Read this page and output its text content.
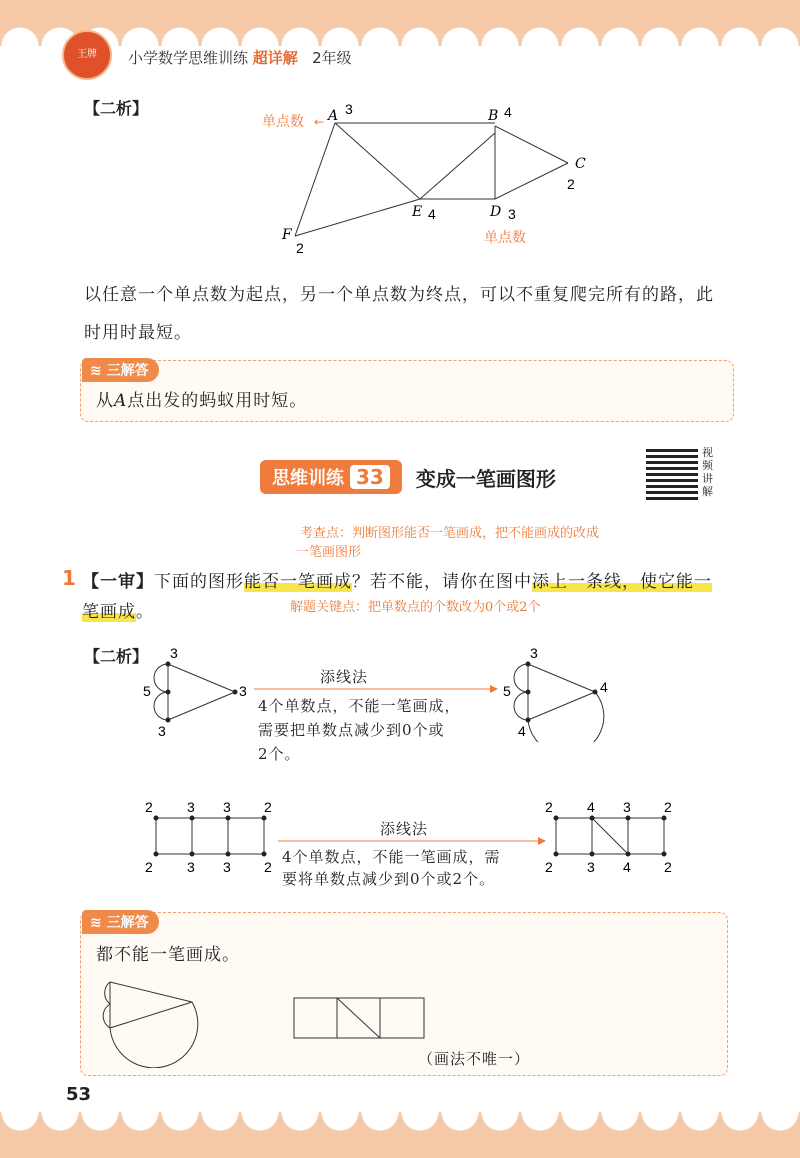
王牌	小学数学思维训练 超详解 2年级
【二析】
单点数 ← A 3	B 4
C
2
D 3
E 4
F
2
单点数
以任意一个单点数为起点，另一个单点数为终点，可以不重复爬完所有的路，此
时用时最短。
≋ 三解答
从A点出发的蚂蚁用时短。
思维训练 33	变成一笔画图形
视频讲解
考查点：判断图形能否一笔画成，把不能画成的改成
一笔画图形
1 【一审】下面的图形能否一笔画成？若不能，请你在图中添上一条线，使它能一
笔画成。	解题关键点：把单数点的个数改为0个或2个
【二析】 3
5
3
3
添线法
4个单数点，不能一笔画成，
需要把单数点减少到0个或
2个。
3
5	4
4
2 3 3 2
2 3 3 2
添线法
4个单数点，不能一笔画成，需
要将单数点减少到0个或2个。
2 4 3 2
2 3 4 2
≋ 三解答
都不能一笔画成。
（画法不唯一）
53
